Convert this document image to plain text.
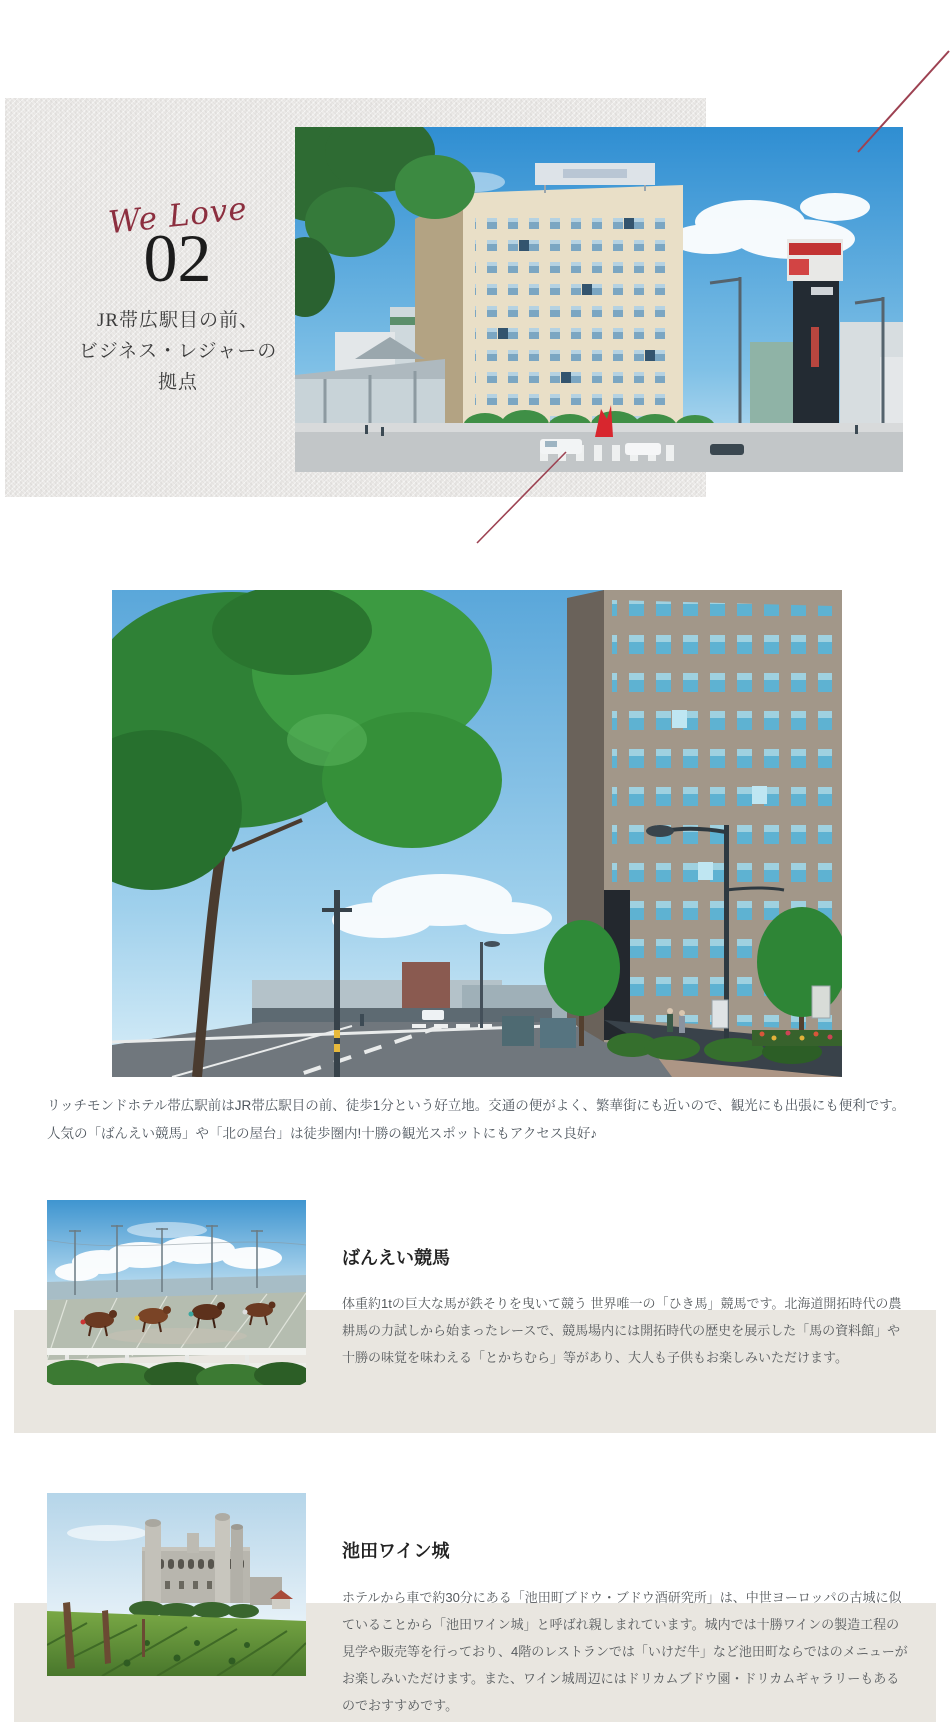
We Love
02
JR帯広駅目の前、
ビジネス・レジャーの
拠点
リッチモンドホテル帯広駅前はJR帯広駅目の前、徒歩1分という好立地。交通の便がよく、繁華街にも近いので、観光にも出張にも便利です。
人気の「ばんえい競馬」や「北の屋台」は徒歩圏内!十勝の観光スポットにもアクセス良好♪
ばんえい競馬
体重約1tの巨大な馬が鉄そりを曳いて競う 世界唯一の「ひき馬」競馬です。北海道開拓時代の農耕馬の力試しから始まったレースで、競馬場内には開拓時代の歴史を展示した「馬の資料館」や 十勝の味覚を味わえる「とかちむら」等があり、大人も子供もお楽しみいただけます。
池田ワイン城
ホテルから車で約30分にある「池田町ブドウ・ブドウ酒研究所」は、中世ヨーロッパの古城に似ていることから「池田ワイン城」と呼ばれ親しまれています。城内では十勝ワインの製造工程の見学や販売等を行っており、4階のレストランでは「いけだ牛」など池田町ならではのメニューがお楽しみいただけます。また、ワイン城周辺にはドリカムブドウ園・ドリカムギャラリーもあるのでおすすめです。
